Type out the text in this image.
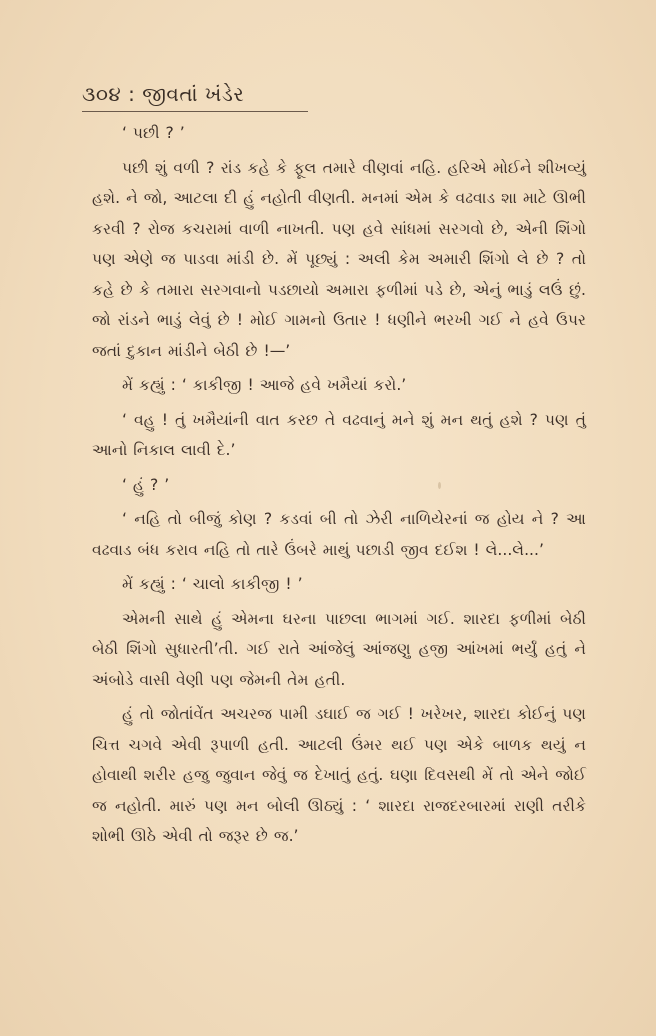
૩૦૪ : જીવતાં ખંડેર

‘ પછી ? ’

પછી શું વળી ? રાંડ કહે કે ફૂલ તમારે વીણવાં નહિ. હરિએ મોઈને શીખવ્યું હશે. ને જો, આટલા દી હું નહોતી વીણતી. મનમાં એમ કે વઢવાડ શા માટે ઊભી કરવી ? રોજ કચરામાં વાળી નાખતી. પણ હવે સાંધમાં સરગવો છે, એની શિંગો પણ એણે જ પાડવા માંડી છે. મેં પૂછ્યું : અલી કેમ અમારી શિંગો લે છે ? તો કહે છે કે તમારા સરગવાનો પડછાયો અમારા ફળીમાં પડે છે, એનું ભાડું લઉં છું. જો રાંડને ભાડું લેવું છે ! મોઈ ગામનો ઉતાર ! ધણીને ભરખી ગઈ ને હવે ઉપર જતાં દુકાન માંડીને બેઠી છે !—’

મેં કહ્યું : ‘ કાકીજી ! આજે હવે ખમૈયાં કરો.’

‘ વહુ ! તું ખમૈયાંની વાત કરછ તે વઢવાનું મને શું મન થતું હશે ? પણ તું આનો નિકાલ લાવી દે.’

‘ હું ? ’

‘ નહિ તો બીજું કોણ ? કડવાં બી તો ઝેરી નાળિયેરનાં જ હોય ને ? આ વઢવાડ બંધ કરાવ નહિ તો તારે ઉંબરે માથું પછાડી જીવ દઈશ ! લે...લે...’

મેં કહ્યું : ‘ ચાલો કાકીજી ! ’

એમની સાથે હું એમના ઘરના પાછલા ભાગમાં ગઈ. શારદા ફળીમાં બેઠી બેઠી શિંગો સુધારતી’તી. ગઈ રાતે આંજેલું આંજણુ હજી આંખમાં ભર્યું હતું ને અંબોડે વાસી વેણી પણ જેમની તેમ હતી.

હું તો જોતાંવેંત અચરજ પામી ડઘાઈ જ ગઈ ! ખરેખર, શારદા કોઈનું પણ ચિત્ત ચગવે એવી રૂપાળી હતી. આટલી ઉંમર થઈ પણ એકે બાળક થયું ન હોવાથી શરીર હજુ જુવાન જેવું જ દેખાતું હતું. ઘણા દિવસથી મેં તો એને જોઈ જ નહોતી. મારું પણ મન બોલી ઊઠ્યું : ‘ શારદા રાજદરબારમાં રાણી તરીકે શોભી ઊઠે એવી તો જરૂર છે જ.’
